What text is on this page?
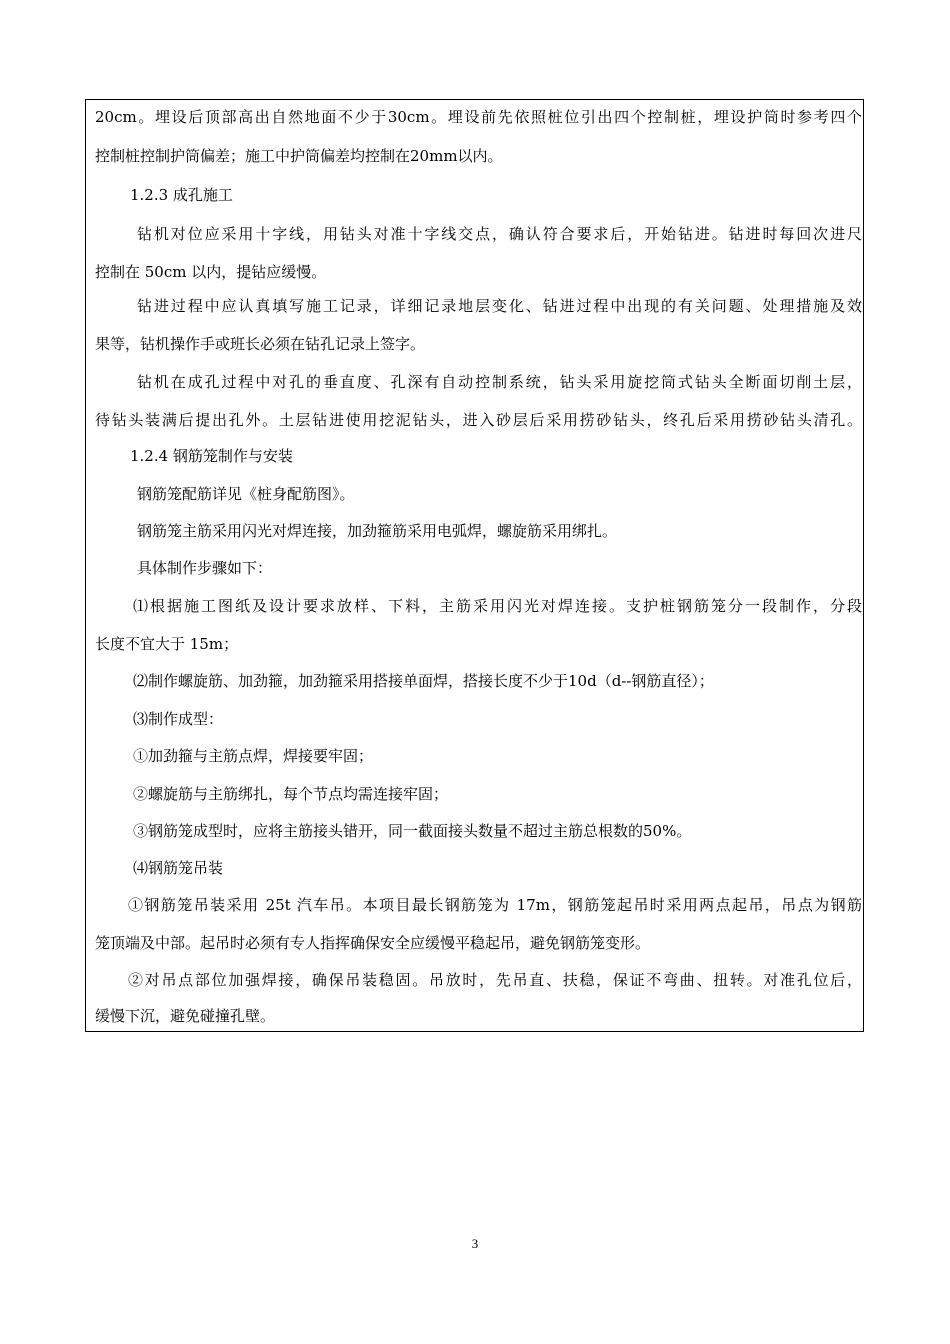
20cm。埋设后顶部高出自然地面不少于30cm。埋设前先依照桩位引出四个控制桩，埋设护筒时参考四个
控制桩控制护筒偏差；施工中护筒偏差均控制在20mm以内。
1.2.3 成孔施工
钻机对位应采用十字线，用钻头对准十字线交点，确认符合要求后，开始钻进。钻进时每回次进尺
控制在 50cm 以内，提钻应缓慢。
钻进过程中应认真填写施工记录，详细记录地层变化、钻进过程中出现的有关问题、处理措施及效
果等，钻机操作手或班长必须在钻孔记录上签字。
钻机在成孔过程中对孔的垂直度、孔深有自动控制系统，钻头采用旋挖筒式钻头全断面切削土层，
待钻头装满后提出孔外。土层钻进使用挖泥钻头，进入砂层后采用捞砂钻头，终孔后采用捞砂钻头清孔。
1.2.4 钢筋笼制作与安装
钢筋笼配筋详见《桩身配筋图》。
钢筋笼主筋采用闪光对焊连接，加劲箍筋采用电弧焊，螺旋筋采用绑扎。
具体制作步骤如下：
⑴根据施工图纸及设计要求放样、下料，主筋采用闪光对焊连接。支护桩钢筋笼分一段制作，分段
长度不宜大于 15m；
⑵制作螺旋筋、加劲箍，加劲箍采用搭接单面焊，搭接长度不少于10d（d--钢筋直径）；
⑶制作成型：
①加劲箍与主筋点焊，焊接要牢固；
②螺旋筋与主筋绑扎，每个节点均需连接牢固；
③钢筋笼成型时，应将主筋接头错开，同一截面接头数量不超过主筋总根数的50%。
⑷钢筋笼吊装
①钢筋笼吊装采用 25t 汽车吊。本项目最长钢筋笼为 17m，钢筋笼起吊时采用两点起吊，吊点为钢筋
笼顶端及中部。起吊时必须有专人指挥确保安全应缓慢平稳起吊，避免钢筋笼变形。
②对吊点部位加强焊接，确保吊装稳固。吊放时，先吊直、扶稳，保证不弯曲、扭转。对准孔位后，
缓慢下沉，避免碰撞孔壁。
3
